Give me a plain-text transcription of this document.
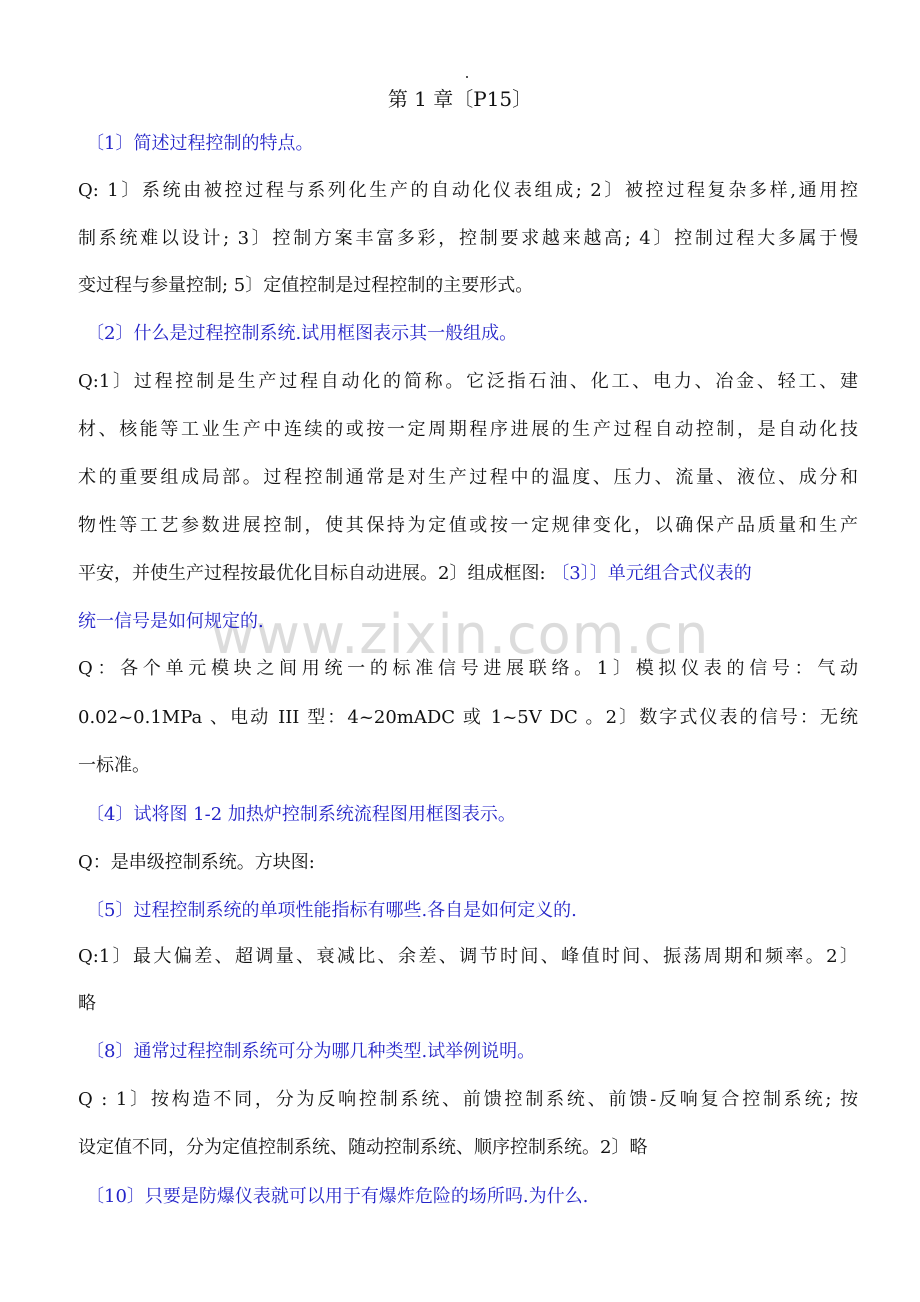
第 1 章〔P15〕
www.zixin.com.cn
〔1〕简述过程控制的特点。
Q: 1〕系统由被控过程与系列化生产的自动化仪表组成; 2〕被控过程复杂多样,通用控
制系统难以设计; 3〕控制方案丰富多彩，控制要求越来越高; 4〕控制过程大多属于慢
变过程与参量控制; 5〕定值控制是过程控制的主要形式。
〔2〕什么是过程控制系统.试用框图表示其一般组成。
Q:1〕过程控制是生产过程自动化的简称。它泛指石油、化工、电力、冶金、轻工、建
材、核能等工业生产中连续的或按一定周期程序进展的生产过程自动控制，是自动化技
术的重要组成局部。过程控制通常是对生产过程中的温度、压力、流量、液位、成分和
物性等工艺参数进展控制，使其保持为定值或按一定规律变化，以确保产品质量和生产
平安，并使生产过程按最优化目标自动进展。2〕组成框图: 〔3〕〕单元组合式仪表的
统一信号是如何规定的.
Q：各个单元模块之间用统一的标准信号进展联络。1〕模拟仪表的信号：气动
0.02~0.1MPa 、电动 III 型：4~20mADC 或 1~5V DC 。2〕数字式仪表的信号：无统
一标准。
〔4〕试将图 1-2 加热炉控制系统流程图用框图表示。
Q：是串级控制系统。方块图:
〔5〕过程控制系统的单项性能指标有哪些.各自是如何定义的.
Q:1〕最大偏差、超调量、衰减比、余差、调节时间、峰值时间、振荡周期和频率。2〕
略
〔8〕通常过程控制系统可分为哪几种类型.试举例说明。
Q : 1〕按构造不同，分为反响控制系统、前馈控制系统、前馈-反响复合控制系统; 按
设定值不同，分为定值控制系统、随动控制系统、顺序控制系统。2〕略
〔10〕只要是防爆仪表就可以用于有爆炸危险的场所吗.为什么.
